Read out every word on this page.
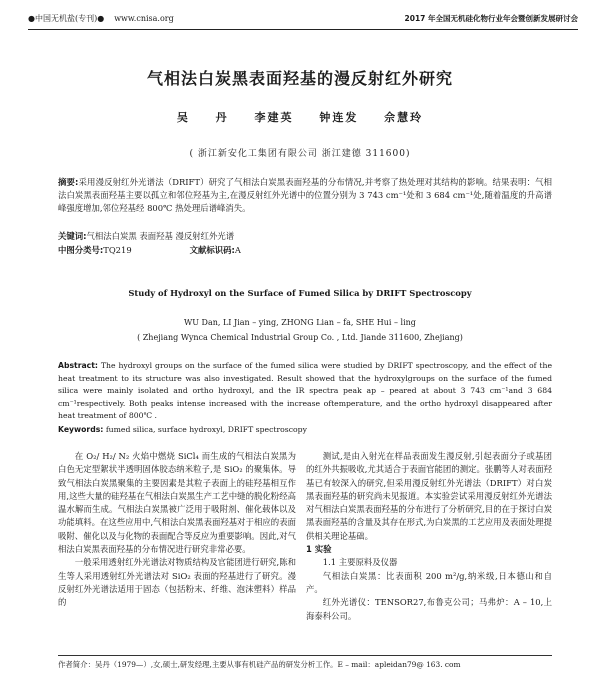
●中国无机盐(专刊)● www.cnisa.org	2017 年全国无机硅化物行业年会暨创新发展研讨会
气相法白炭黑表面羟基的漫反射红外研究
吴 丹 李建英 钟连发 佘慧玲
( 浙江新安化工集团有限公司 浙江建德 311600)
摘要:采用漫反射红外光谱法（DRIFT）研究了气相法白炭黑表面羟基的分布情况,并考察了热处理对其结构的影响。结果表明：气相法白炭黑表面羟基主要以孤立和邻位羟基为主,在漫反射红外光谱中的位置分别为 3 743 cm⁻¹处和 3 684 cm⁻¹处,随着温度的升高谱峰强度增加,邻位羟基经 800℃ 热处理后谱峰消失。
关键词:气相法白炭黑 表面羟基 漫反射红外光谱
中图分类号:TQ219	文献标识码:A
Study of Hydroxyl on the Surface of Fumed Silica by DRIFT Spectroscopy
WU Dan, LI Jian – ying, ZHONG Lian – fa, SHE Hui – ling
( Zhejiang Wynca Chemical Industrial Group Co. , Ltd. Jiande 311600, Zhejiang)
Abstract: The hydroxyl groups on the surface of the fumed silica were studied by DRIFT spectroscopy, and the effect of the heat treatment to its structure was also investigated. Result showed that the hydroxylgroups on the surface of the fumed silica were mainly isolated and ortho hydroxyl, and the IR spectra peak ap – peared at about 3 743 cm⁻¹and 3 684 cm⁻¹respectively. Both peaks intense increased with the increase oftemperature, and the ortho hydroxyl disappeared after heat treatment of 800℃ .
Keywords: fumed silica, surface hydroxyl, DRIFT spectroscopy

在 O₂/ H₂/ N₂ 火焰中燃烧 SiCl₄ 而生成的气相法白炭黑为白色无定型絮状半透明固体胶态纳米粒子,是 SiO₂ 的聚集体。导致气相法白炭黑聚集的主要因素是其粒子表面上的硅羟基相互作用,这些大量的硅羟基在气相法白炭黑生产工艺中缝的脱化粉经高温水解而生成。气相法白炭黑被广泛用于吸附剂、催化载体以及功能填料。在这些应用中,气相法白炭黑表面羟基对于相应的表面吸附、催化以及与化物的表面配合等反应为重要影响。因此,对气相法白炭黑表面羟基的分布情况进行研究非常必要。

一般采用透射红外光谱法对物质结构及官能团进行研究,陈和生等人采用透射红外光谱法对 SiO₂ 表面的羟基进行了研究。漫反射红外光谱法适用于固态（包括粉末、纤维、泡沫塑料）样品的

测试,是由入射光在样品表面发生漫反射,引起表面分子或基团的红外共振吸收,尤其适合于表面官能团的测定。张鹏等人对表面羟基已有较深入的研究,但采用漫反射红外光谱法（DRIFT）对白炭黑表面羟基的研究尚未见报道。本实验尝试采用漫反射红外光谱法对气相法白炭黑表面羟基的分布进行了分析研究,目的在于探讨白炭黑表面羟基的含量及其存在形式,为白炭黑的工艺应用及表面处理提供相关理论基础。

1 实验
1.1 主要原料及仪器

气相法白炭黑：比表面积 200 m²/g,纳米级,日本德山和自产。

红外光谱仪：TENSOR27,布鲁克公司；马弗炉：A – 10,上海泰科公司。

作者简介：吴丹（1979—）,女,硕士,研发经理,主要从事有机硅产品的研发分析工作。E – mail：apleidan79@ 163. com
